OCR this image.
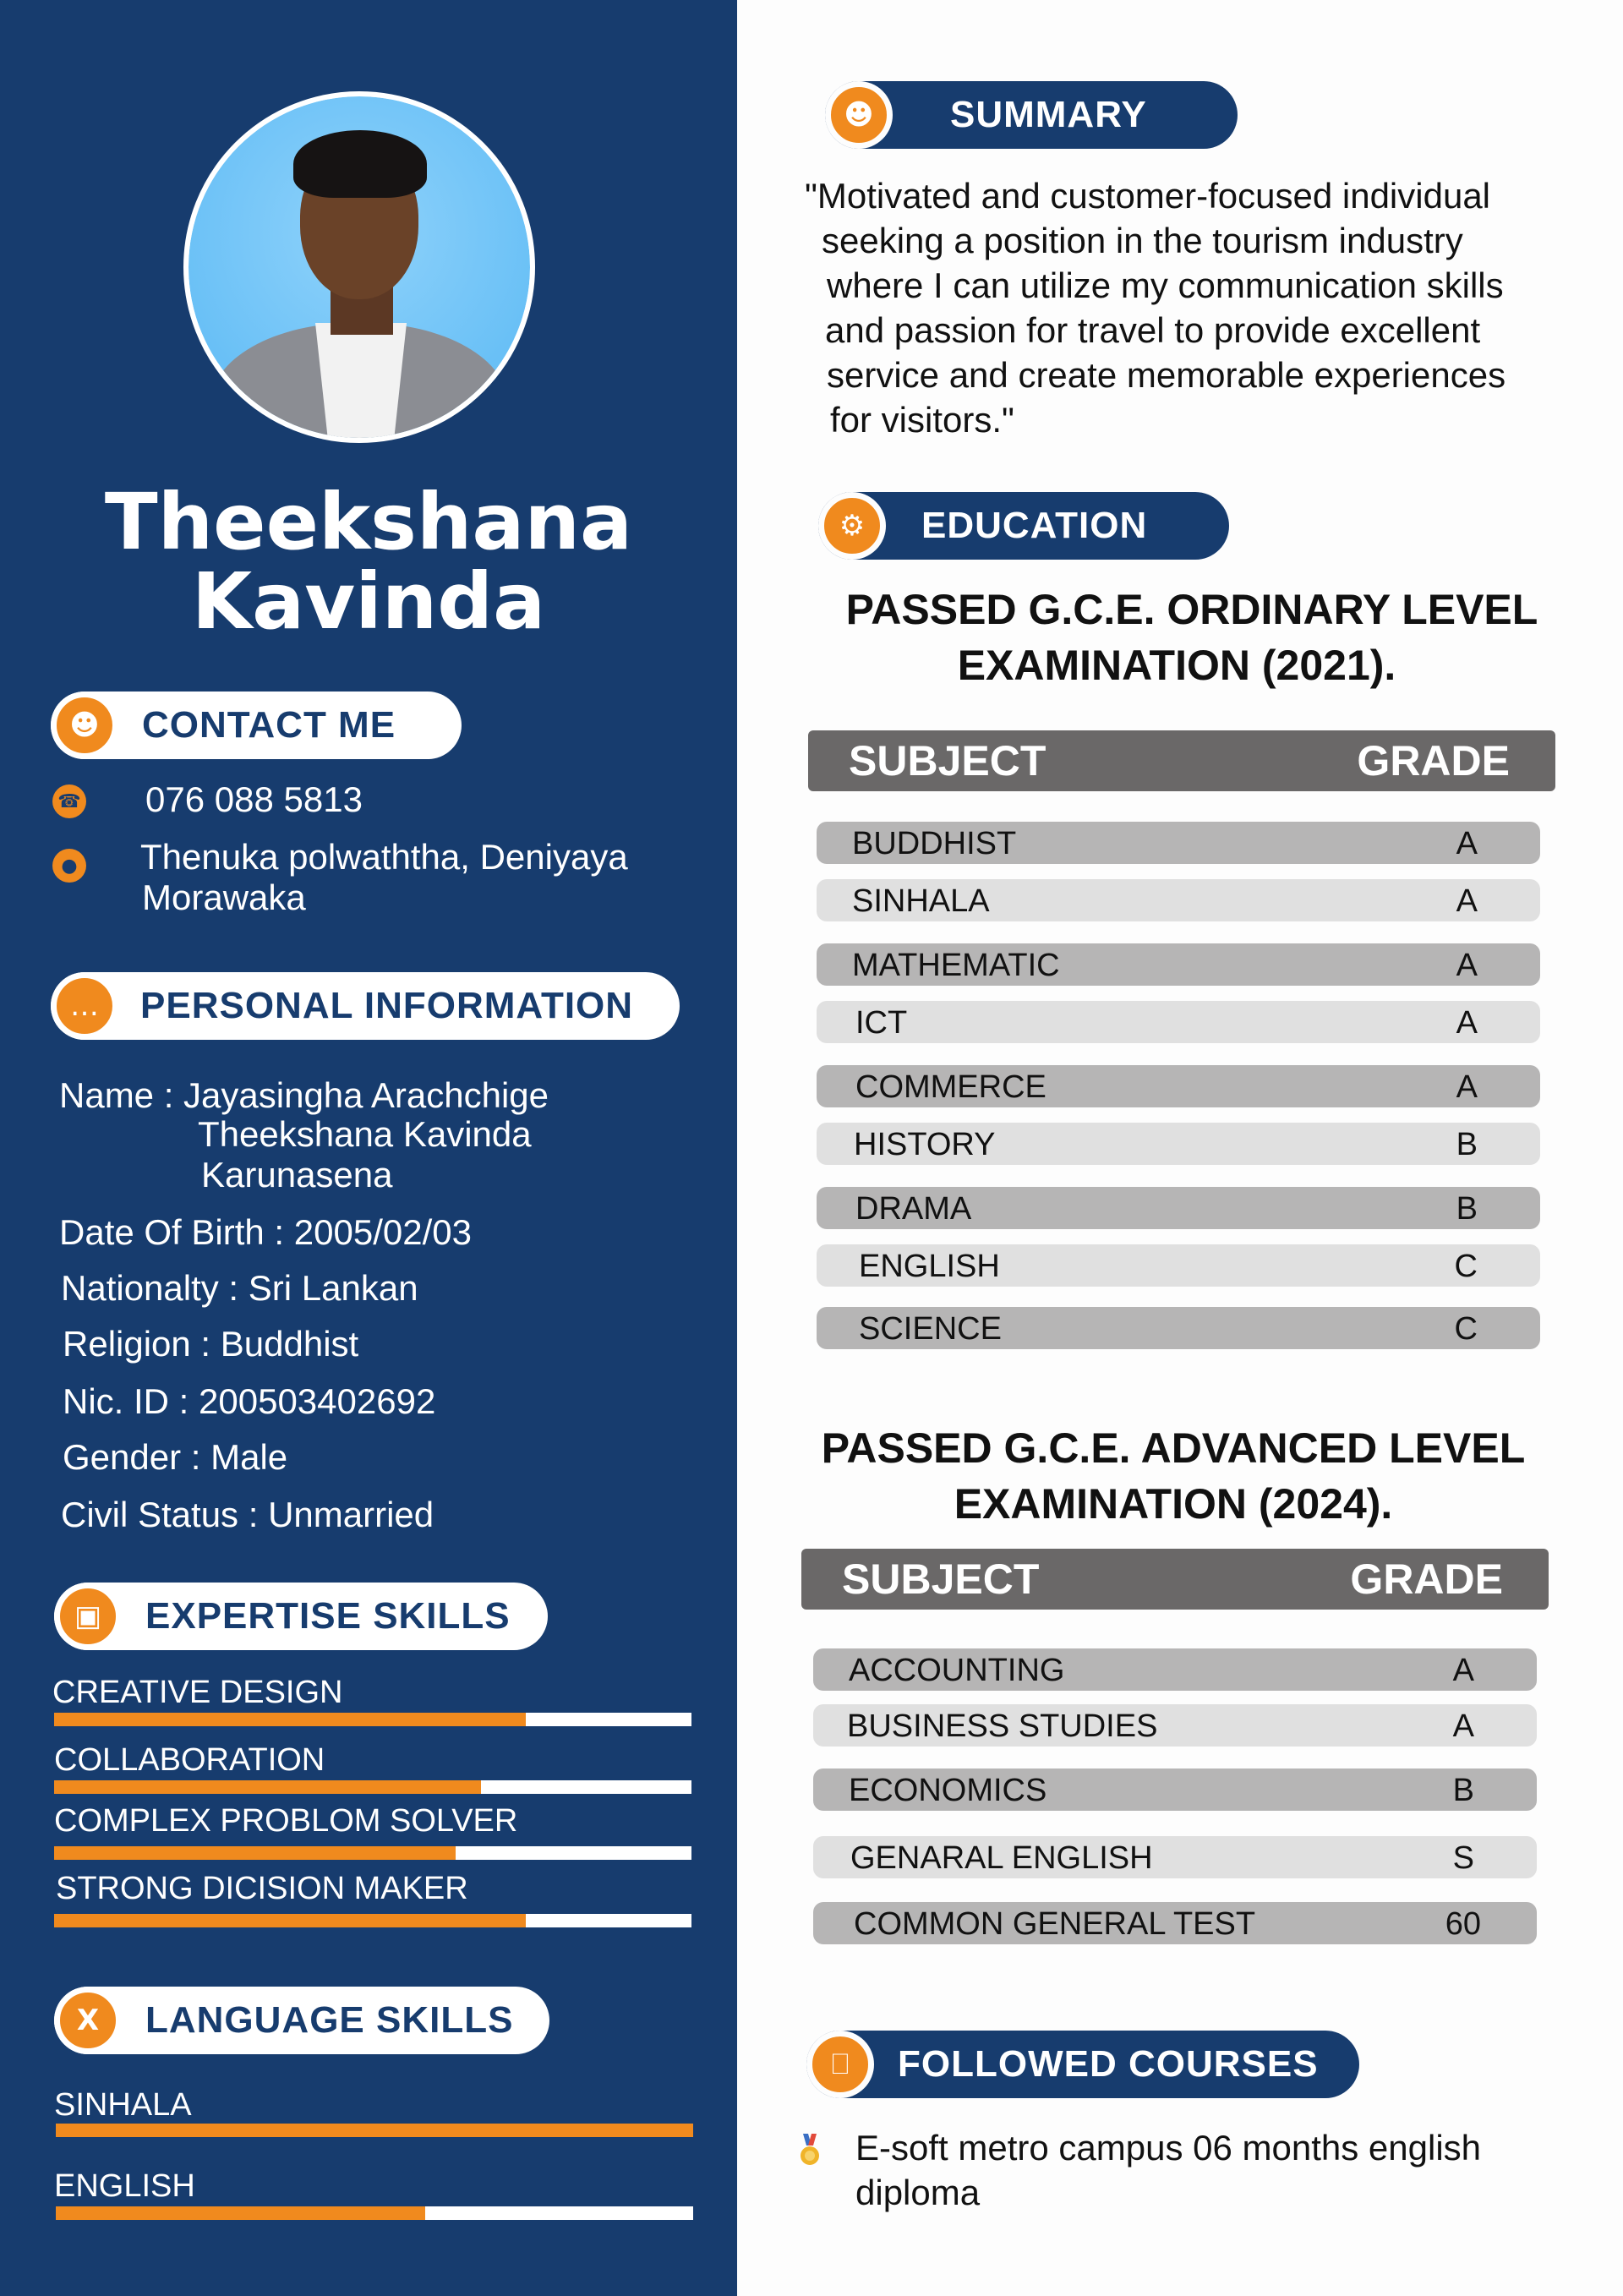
Theekshana
Kavinda
☻	CONTACT ME
☎ 076 088 5813
● Thenuka polwaththa, Deniyaya
Morawaka
…	PERSONAL INFORMATION
Name : Jayasingha Arachchige
Theekshana Kavinda
Karunasena
Date Of Birth : 2005/02/03
Nationalty : Sri Lankan
Religion : Buddhist
Nic. ID : 200503402692
Gender : Male
Civil Status : Unmarried
▣	EXPERTISE SKILLS
CREATIVE DESIGN
COLLABORATION
COMPLEX PROBLOM SOLVER
STRONG DICISION MAKER
X	LANGUAGE SKILLS
SINHALA
ENGLISH
☻	SUMMARY
"Motivated and customer-focused individual
seeking a position in the tourism industry
where I can utilize my communication skills
and passion for travel to provide excellent
service and create memorable experiences
for visitors."
⚙	EDUCATION
PASSED G.C.E. ORDINARY LEVEL
EXAMINATION (2021).
SUBJECT	GRADE
BUDDHIST	A
SINHALA	A
MATHEMATIC	A
ICT	A
COMMERCE	A
HISTORY	B
DRAMA	B
ENGLISH	C
SCIENCE	C
PASSED G.C.E. ADVANCED LEVEL
EXAMINATION (2024).
SUBJECT	GRADE
ACCOUNTING	A
BUSINESS STUDIES	A
ECONOMICS	B
GENARAL ENGLISH	S
COMMON GENERAL TEST	60
⎕	FOLLOWED COURSES
E-soft metro campus 06 months english
diploma
